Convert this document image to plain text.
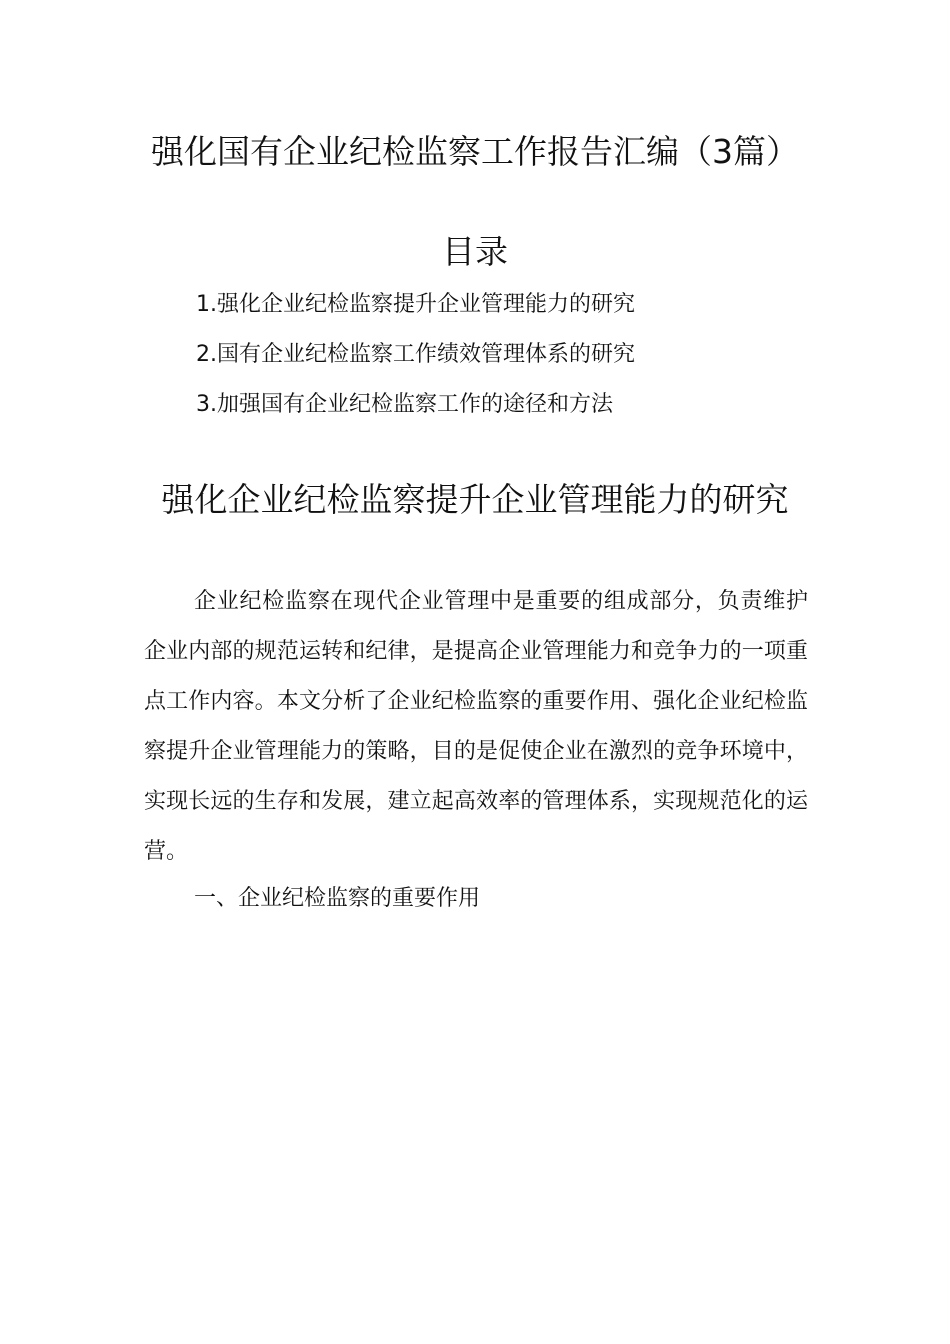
强化国有企业纪检监察工作报告汇编（3篇）
目录
1.强化企业纪检监察提升企业管理能力的研究
2.国有企业纪检监察工作绩效管理体系的研究
3.加强国有企业纪检监察工作的途径和方法
强化企业纪检监察提升企业管理能力的研究

企业纪检监察在现代企业管理中是重要的组成部分，负责维护企业内部的规范运转和纪律，是提高企业管理能力和竞争力的一项重点工作内容。本文分析了企业纪检监察的重要作用、强化企业纪检监察提升企业管理能力的策略，目的是促使企业在激烈的竞争环境中，实现长远的生存和发展，建立起高效率的管理体系，实现规范化的运营。

一、企业纪检监察的重要作用
